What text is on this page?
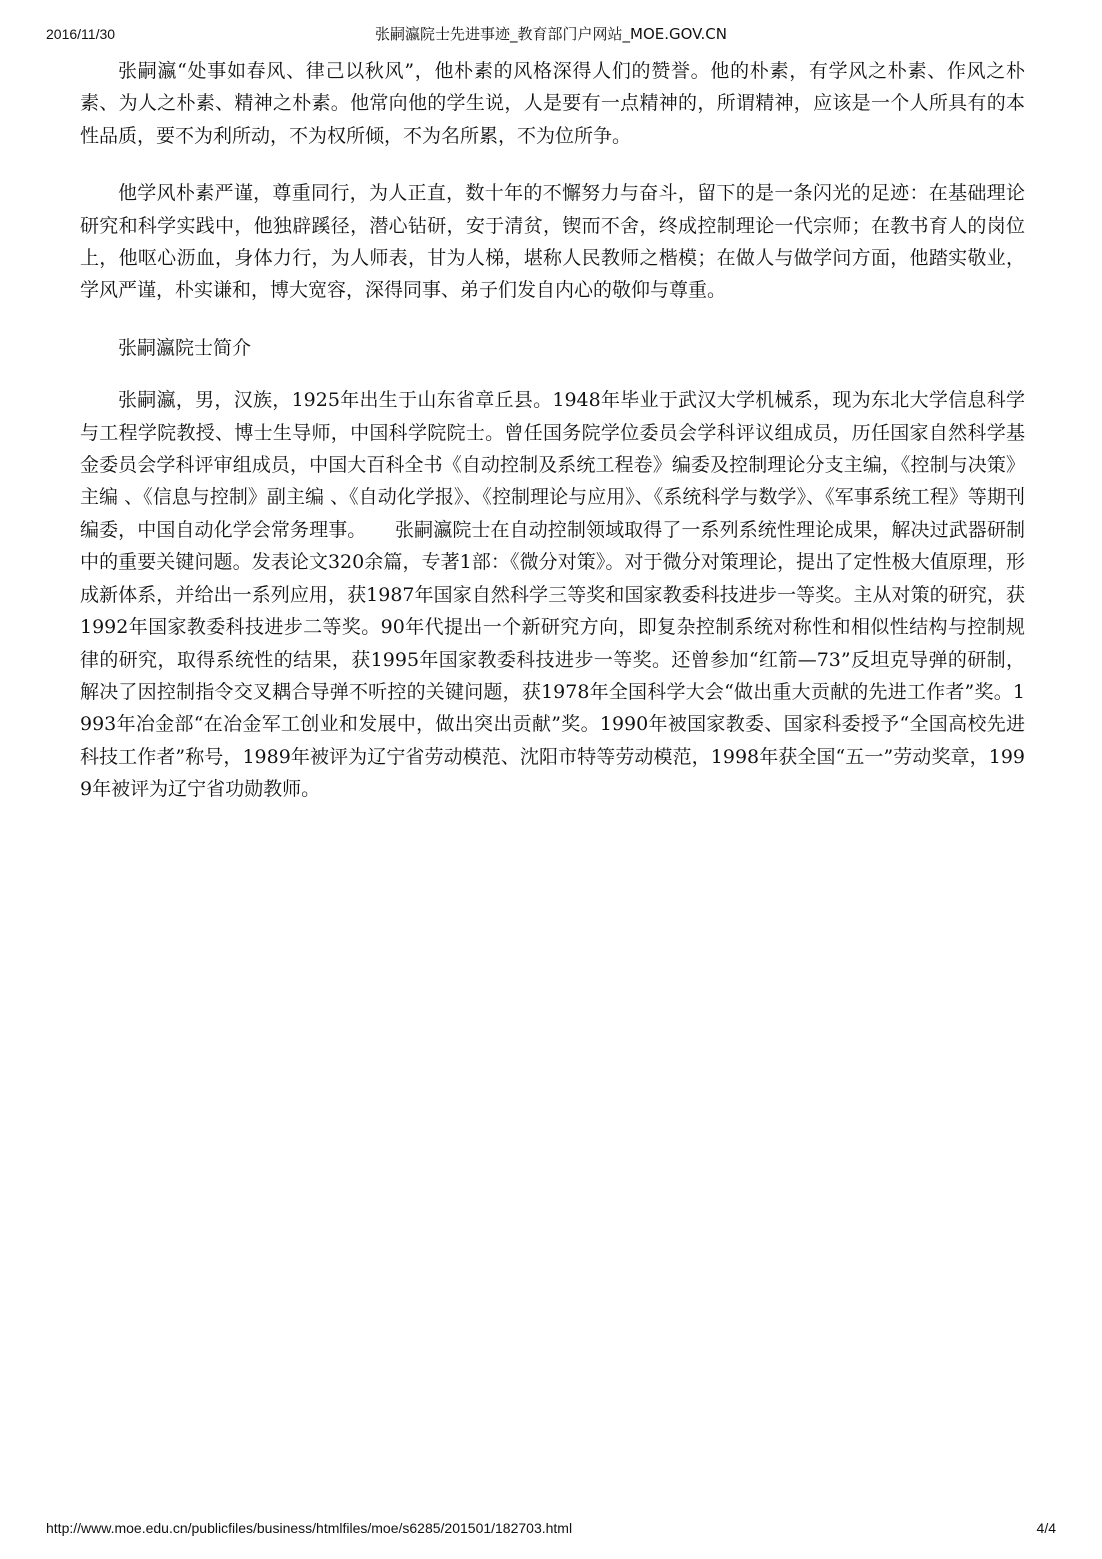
2016/11/30	张嗣瀛院士先进事迹_教育部门户网站_MOE.GOV.CN

张嗣瀛“处事如春风、律己以秋风”，他朴素的风格深得人们的赞誉。他的朴素，有学风之朴素、作风之朴素、为人之朴素、精神之朴素。他常向他的学生说，人是要有一点精神的，所谓精神，应该是一个人所具有的本性品质，要不为利所动，不为权所倾，不为名所累，不为位所争。

他学风朴素严谨，尊重同行，为人正直，数十年的不懈努力与奋斗，留下的是一条闪光的足迹：在基础理论研究和科学实践中，他独辟蹊径，潜心钻研，安于清贫，锲而不舍，终成控制理论一代宗师；在教书育人的岗位上，他呕心沥血，身体力行，为人师表，甘为人梯，堪称人民教师之楷模；在做人与做学问方面，他踏实敬业，学风严谨，朴实谦和，博大宽容，深得同事、弟子们发自内心的敬仰与尊重。

张嗣瀛院士简介

张嗣瀛，男，汉族，1925年出生于山东省章丘县。1948年毕业于武汉大学机械系，现为东北大学信息科学与工程学院教授、博士生导师，中国科学院院士。曾任国务院学位委员会学科评议组成员，历任国家自然科学基金委员会学科评审组成员，中国大百科全书《自动控制及系统工程卷》编委及控制理论分支主编，《控制与决策》主编 、《信息与控制》副主编 、《自动化学报》、《控制理论与应用》、《系统科学与数学》、《军事系统工程》等期刊编委，中国自动化学会常务理事。　　张嗣瀛院士在自动控制领域取得了一系列系统性理论成果，解决过武器研制中的重要关键问题。发表论文320余篇，专著1部：《微分对策》。对于微分对策理论，提出了定性极大值原理，形成新体系，并给出一系列应用，获1987年国家自然科学三等奖和国家教委科技进步一等奖。主从对策的研究，获1992年国家教委科技进步二等奖。90年代提出一个新研究方向，即复杂控制系统对称性和相似性结构与控制规律的研究，取得系统性的结果，获1995年国家教委科技进步一等奖。还曾参加“红箭—73”反坦克导弹的研制，解决了因控制指令交叉耦合导弹不听控的关键问题，获1978年全国科学大会“做出重大贡献的先进工作者”奖。1993年冶金部“在冶金军工创业和发展中，做出突出贡献”奖。1990年被国家教委、国家科委授予“全国高校先进科技工作者”称号，1989年被评为辽宁省劳动模范、沈阳市特等劳动模范，1998年获全国“五一”劳动奖章，1999年被评为辽宁省功勋教师。

http://www.moe.edu.cn/publicfiles/business/htmlfiles/moe/s6285/201501/182703.html	4/4
